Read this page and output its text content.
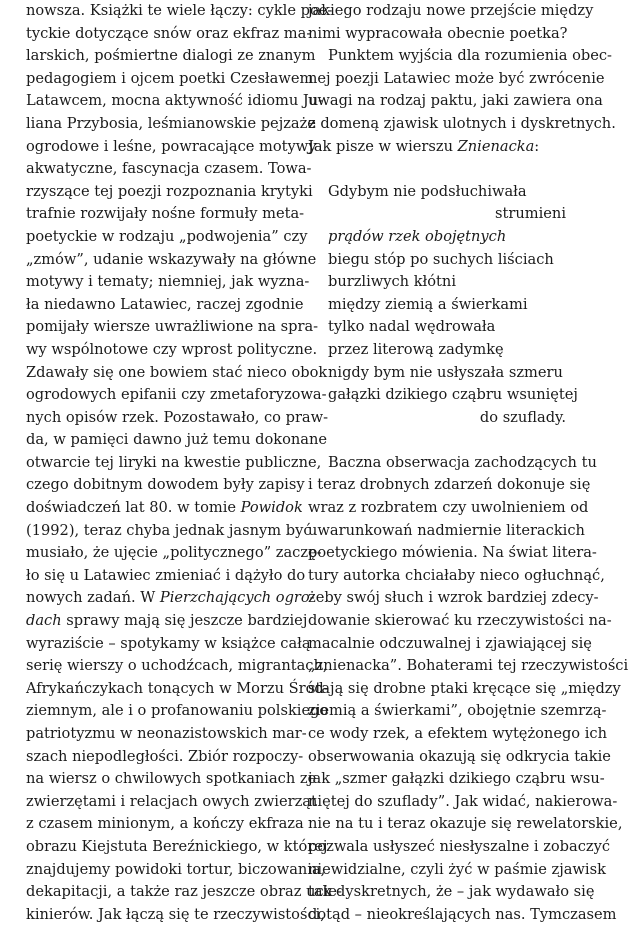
nowsza. Książki te wiele łączy: cykle poe-
tyckie dotyczące snów oraz ekfraz ma-
larskich, pośmiertne dialogi ze znanym
pedagogiem i ojcem poetki Czesławem
Latawcem, mocna aktywność idiomu Ju-
liana Przybosia, leśmianowskie pejzaże
ogrodowe i leśne, powracające motywy
akwatyczne, fascynacja czasem. Towa-
rzyszące tej poezji rozpoznania krytyki
trafnie rozwijały nośne formuły meta-
poetyckie w rodzaju „podwojenia” czy
„zmów”, udanie wskazywały na główne
motywy i tematy; niemniej, jak wyzna-
ła niedawno Latawiec, raczej zgodnie
pomijały wiersze uwrażliwione na spra-
wy wspólnotowe czy wprost polityczne.
Zdawały się one bowiem stać nieco obok
ogrodowych epifanii czy zmetaforyzowa-
nych opisów rzek. Pozostawało, co praw-
da, w pamięci dawno już temu dokonane
otwarcie tej liryki na kwestie publiczne,
czego dobitnym dowodem były zapisy
doświadczeń lat 80. w tomie Powidok
(1992), teraz chyba jednak jasnym być
musiało, że ujęcie „politycznego” zaczę-
ło się u Latawiec zmieniać i dążyło do
nowych zadań. W Pierzchających ogro-
dach sprawy mają się jeszcze bardziej
wyraziście – spotykamy w książce całą
serię wierszy o uchodźcach, migrantach,
Afrykańczykach tonących w Morzu Śród-
ziemnym, ale i o profanowaniu polskiego
patriotyzmu w neonazistowskich mar-
szach niepodległości. Zbiór rozpoczy-
na wiersz o chwilowych spotkaniach ze
zwierzętami i relacjach owych zwierząt
z czasem minionym, a kończy ekfraza
obrazu Kiejstuta Bereźnickiego, w której
znajdujemy powidoki tortur, biczowania,
dekapitacji, a także raz jeszcze obraz ucie-
kinierów. Jak łączą się te rzeczywistości,
jakiego rodzaju nowe przejście między
nimi wypracowała obecnie poetka?
Punktem wyjścia dla rozumienia obec-
nej poezji Latawiec może być zwrócenie
uwagi na rodzaj paktu, jaki zawiera ona
z domeną zjawisk ulotnych i dyskretnych.
Jak pisze w wierszu Znienacka:
Gdybym nie podsłuchiwała
strumieni
prądów rzek obojętnych
biegu stóp po suchych liściach
burzliwych kłótni
między ziemią a świerkami
tylko nadal wędrowała
przez literową zadymkę
nigdy bym nie usłyszała szmeru
gałązki dzikiego cząbru wsuniętej
do szuflady.
Baczna obserwacja zachodzących tu
i teraz drobnych zdarzeń dokonuje się
wraz z rozbratem czy uwolnieniem od
uwarunkowań nadmiernie literackich
poetyckiego mówienia. Na świat litera-
tury autorka chciałaby nieco ogłuchnąć,
żeby swój słuch i wzrok bardziej zdecy-
dowanie skierować ku rzeczywistości na-
macalnie odczuwalnej i zjawiającej się
„znienacka”. Bohaterami tej rzeczywistości
stają się drobne ptaki kręcące się „między
ziemią a świerkami”, obojętnie szemrzą-
ce wody rzek, a efektem wytężonego ich
obserwowania okazują się odkrycia takie
jak „szmer gałązki dzikiego cząbru wsu-
niętej do szuflady”. Jak widać, nakierowa-
nie na tu i teraz okazuje się rewelatorskie,
pozwala usłyszeć niesłyszalne i zobaczyć
niewidzialne, czyli żyć w paśmie zjawisk
tak dyskretnych, że – jak wydawało się
dotąd – nieokreślających nas. Tymczasem
